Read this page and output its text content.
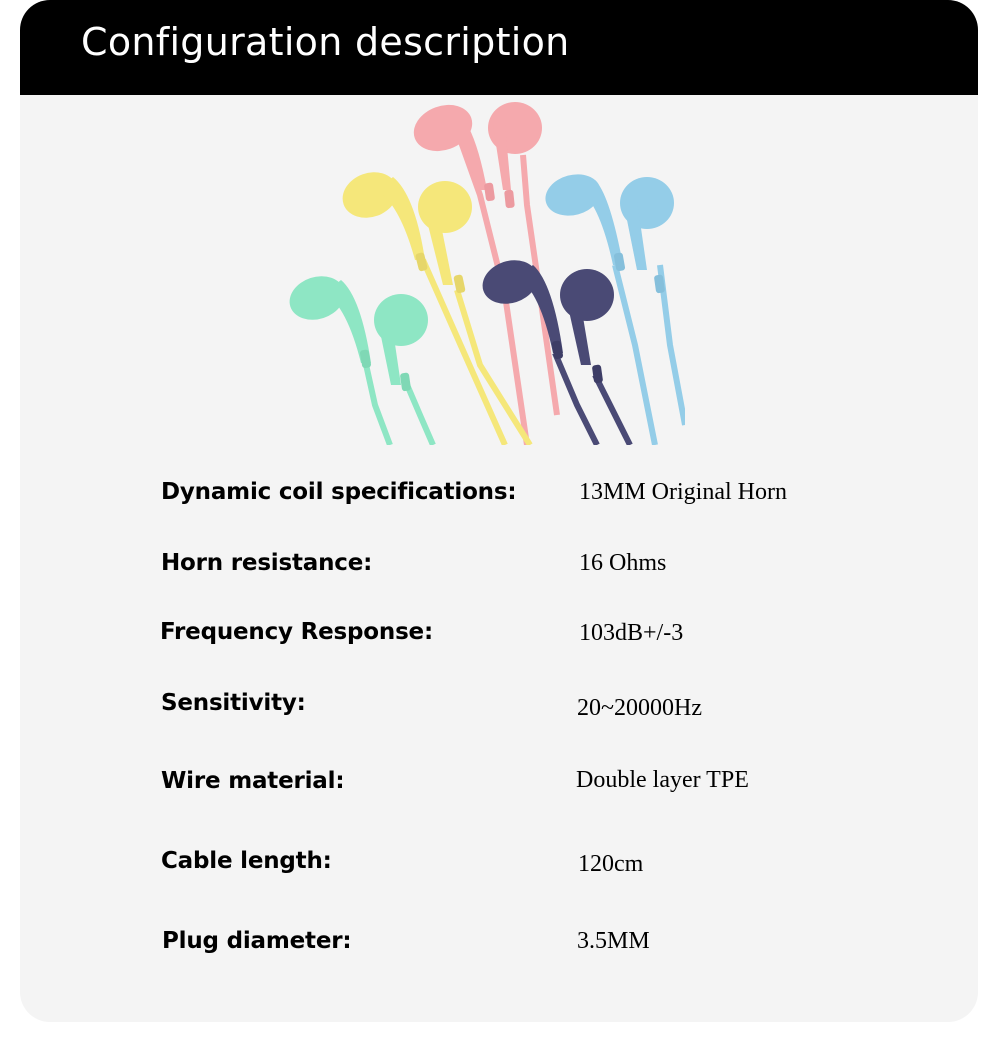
Configuration description
Dynamic coil specifications:	13MM Original Horn
Horn resistance:	16 Ohms
Frequency Response:	103dB+/-3
Sensitivity:	20~20000Hz
Wire material:	Double layer TPE
Cable length:	120cm
Plug diameter:	3.5MM
